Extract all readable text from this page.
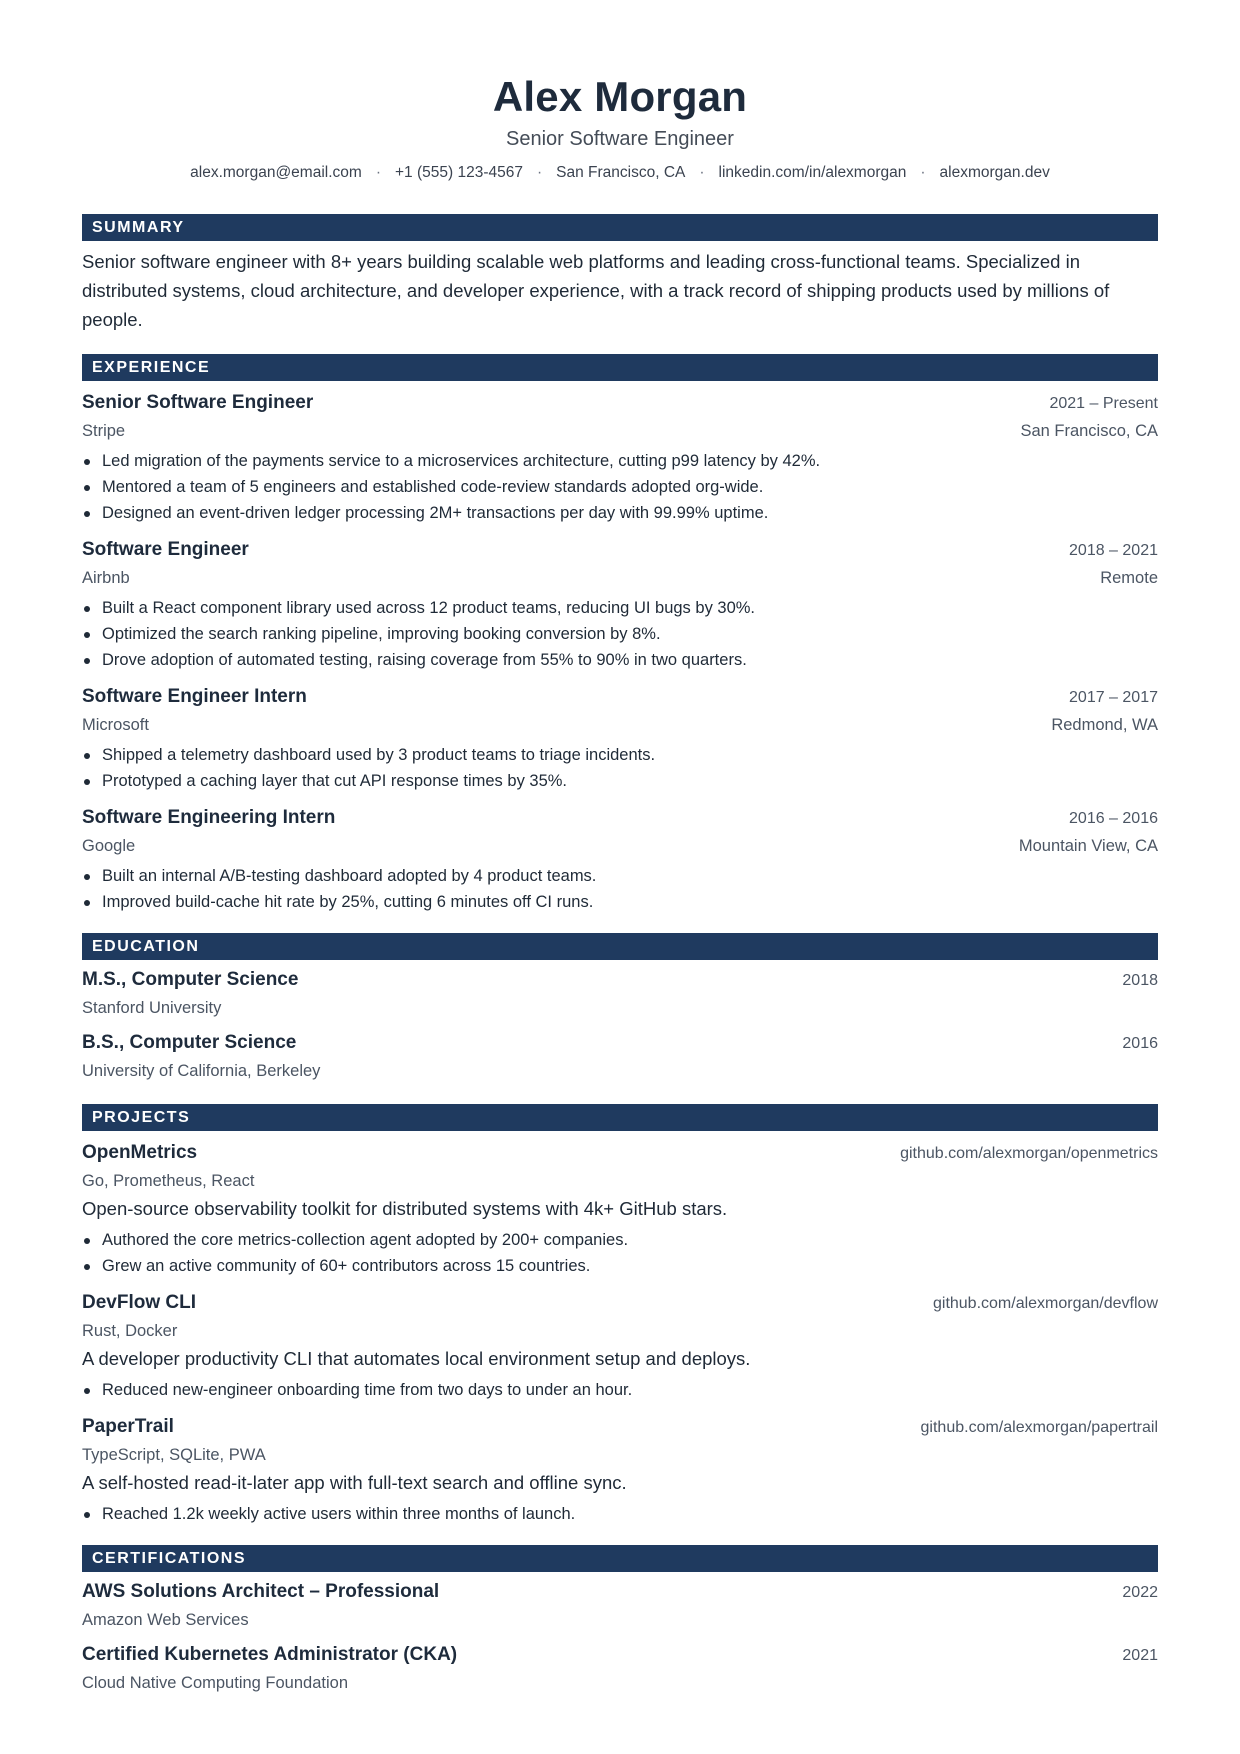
Alex Morgan
Senior Software Engineer
alex.morgan@email.com · +1 (555) 123-4567 · San Francisco, CA · linkedin.com/in/alexmorgan · alexmorgan.dev
SUMMARY

Senior software engineer with 8+ years building scalable web platforms and leading cross-functional teams. Specialized in distributed systems, cloud architecture, and developer experience, with a track record of shipping products used by millions of people.

EXPERIENCE
Senior Software Engineer	2021 – Present
Stripe	San Francisco, CA
Led migration of the payments service to a microservices architecture, cutting p99 latency by 42%.
Mentored a team of 5 engineers and established code-review standards adopted org-wide.
Designed an event-driven ledger processing 2M+ transactions per day with 99.99% uptime.
Software Engineer	2018 – 2021
Airbnb	Remote
Built a React component library used across 12 product teams, reducing UI bugs by 30%.
Optimized the search ranking pipeline, improving booking conversion by 8%.
Drove adoption of automated testing, raising coverage from 55% to 90% in two quarters.
Software Engineer Intern	2017 – 2017
Microsoft	Redmond, WA
Shipped a telemetry dashboard used by 3 product teams to triage incidents.
Prototyped a caching layer that cut API response times by 35%.
Software Engineering Intern	2016 – 2016
Google	Mountain View, CA
Built an internal A/B-testing dashboard adopted by 4 product teams.
Improved build-cache hit rate by 25%, cutting 6 minutes off CI runs.
EDUCATION
M.S., Computer Science	2018
Stanford University
B.S., Computer Science	2016
University of California, Berkeley
PROJECTS
OpenMetrics	github.com/alexmorgan/openmetrics
Go, Prometheus, React
Open-source observability toolkit for distributed systems with 4k+ GitHub stars.
Authored the core metrics-collection agent adopted by 200+ companies.
Grew an active community of 60+ contributors across 15 countries.
DevFlow CLI	github.com/alexmorgan/devflow
Rust, Docker
A developer productivity CLI that automates local environment setup and deploys.
Reduced new-engineer onboarding time from two days to under an hour.
PaperTrail	github.com/alexmorgan/papertrail
TypeScript, SQLite, PWA
A self-hosted read-it-later app with full-text search and offline sync.
Reached 1.2k weekly active users within three months of launch.
CERTIFICATIONS
AWS Solutions Architect – Professional	2022
Amazon Web Services
Certified Kubernetes Administrator (CKA)	2021
Cloud Native Computing Foundation
